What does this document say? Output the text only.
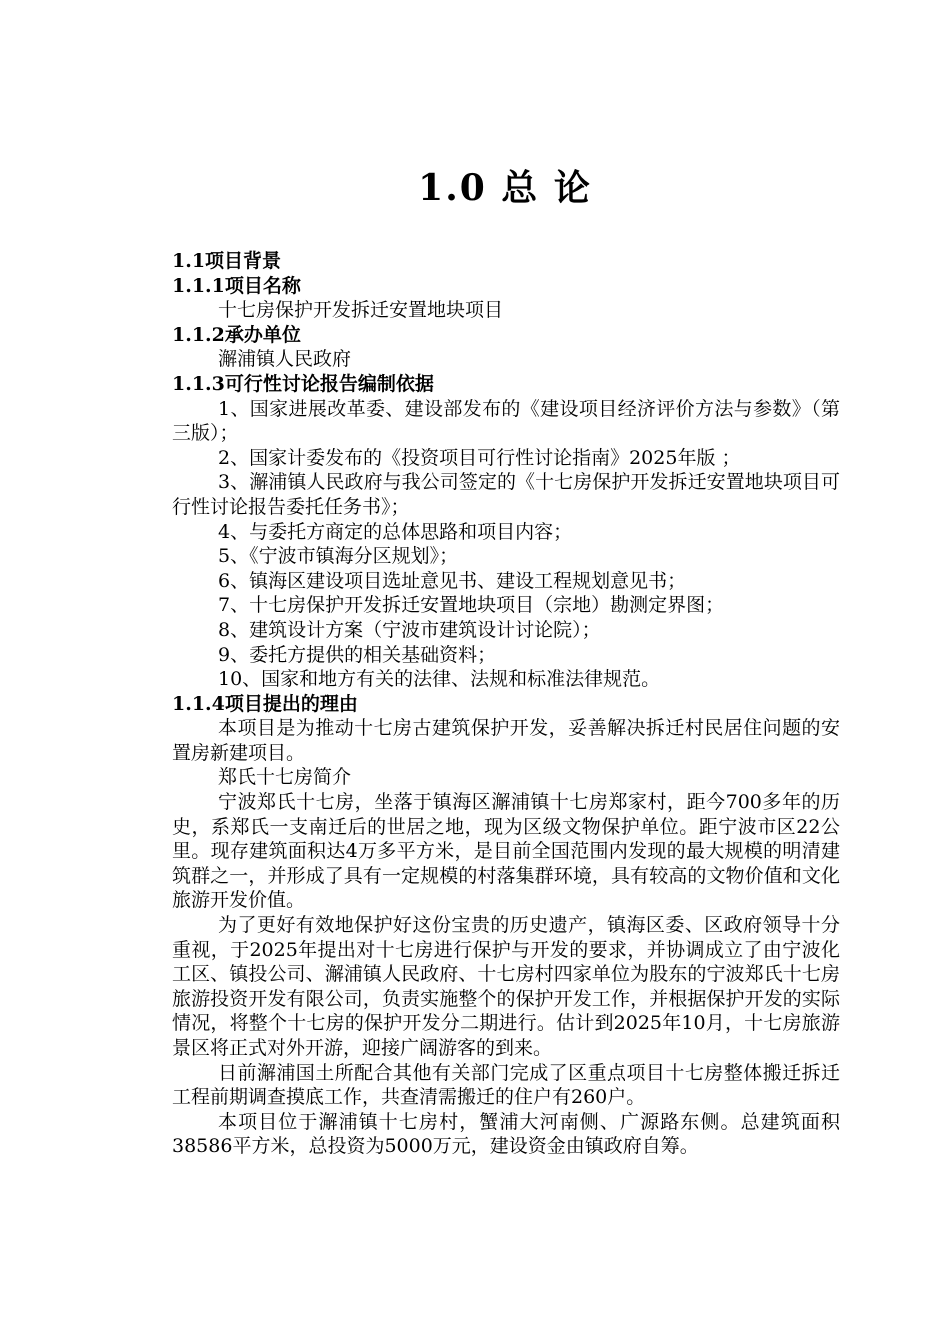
1.0 总 论
1.1项目背景
1.1.1项目名称

十七房保护开发拆迁安置地块项目

1.1.2承办单位

澥浦镇人民政府

1.1.3可行性讨论报告编制依据

1、国家进展改革委、建设部发布的《建设项目经济评价方法与参数》（第三版）；

2、国家计委发布的《投资项目可行性讨论指南》2025年版 ；

3、澥浦镇人民政府与我公司签定的《十七房保护开发拆迁安置地块项目可行性讨论报告委托任务书》；

4、与委托方商定的总体思路和项目内容；

5、《宁波市镇海分区规划》；

6、镇海区建设项目选址意见书、建设工程规划意见书；

7、十七房保护开发拆迁安置地块项目（宗地）勘测定界图；

8、建筑设计方案（宁波市建筑设计讨论院）；

9、委托方提供的相关基础资料；

10、国家和地方有关的法律、法规和标准法律规范。

1.1.4项目提出的理由

本项目是为推动十七房古建筑保护开发，妥善解决拆迁村民居住问题的安置房新建项目。

郑氏十七房简介

宁波郑氏十七房，坐落于镇海区澥浦镇十七房郑家村，距今700多年的历史，系郑氏一支南迁后的世居之地，现为区级文物保护单位。距宁波市区22公里。现存建筑面积达4万多平方米，是目前全国范围内发现的最大规模的明清建筑群之一，并形成了具有一定规模的村落集群环境，具有较高的文物价值和文化旅游开发价值。

为了更好有效地保护好这份宝贵的历史遗产，镇海区委、区政府领导十分重视，于2025年提出对十七房进行保护与开发的要求，并协调成立了由宁波化工区、镇投公司、澥浦镇人民政府、十七房村四家单位为股东的宁波郑氏十七房旅游投资开发有限公司，负责实施整个的保护开发工作，并根据保护开发的实际情况，将整个十七房的保护开发分二期进行。估计到2025年10月，十七房旅游景区将正式对外开游，迎接广阔游客的到来。

日前澥浦国土所配合其他有关部门完成了区重点项目十七房整体搬迁拆迁工程前期调查摸底工作，共查清需搬迁的住户有260户。

本项目位于澥浦镇十七房村，蟹浦大河南侧、广源路东侧。总建筑面积38586平方米，总投资为5000万元，建设资金由镇政府自筹。
